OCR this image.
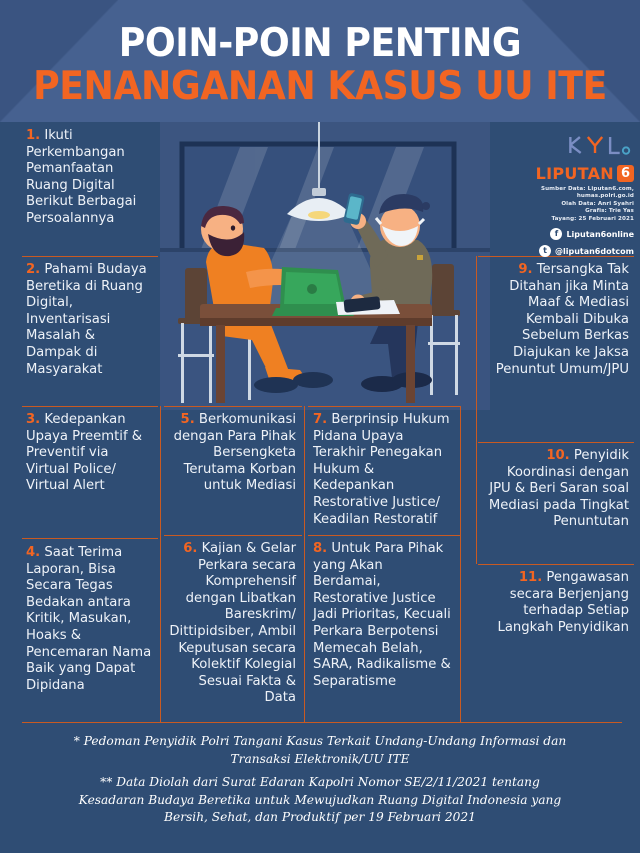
POIN-POIN PENTING
PENANGANAN KASUS UU ITE
LIPUTAN 6
Sumber Data: Liputan6.com,
humas.polri.go.id
Olah Data: Anri Syahri
Grafis: Trie Yas
Tayang: 25 Februari 2021
f	Liputan6online
t	@liputan6dotcom
1. Ikuti Perkembangan Pemanfaatan Ruang Digital Berikut Berbagai Persoalannya
2. Pahami Budaya Beretika di Ruang Digital, Inventarisasi Masalah & Dampak di Masyarakat
3. Kedepankan Upaya Preemtif & Preventif via Virtual Police/ Virtual Alert
4. Saat Terima Laporan, Bisa Secara Tegas Bedakan antara Kritik, Masukan, Hoaks & Pencemaran Nama Baik yang Dapat Dipidana
5. Berkomunikasi dengan Para Pihak Bersengketa Terutama Korban untuk Mediasi
6. Kajian & Gelar Perkara secara Komprehensif dengan Libatkan Bareskrim/ Dittipidsiber, Ambil Keputusan secara Kolektif Kolegial Sesuai Fakta & Data
7. Berprinsip Hukum Pidana Upaya Terakhir Penegakan Hukum & Kedepankan Restorative Justice/ Keadilan Restoratif
8. Untuk Para Pihak yang Akan Berdamai, Restorative Justice Jadi Prioritas, Kecuali Perkara Berpotensi Memecah Belah, SARA, Radikalisme & Separatisme
9. Tersangka Tak Ditahan jika Minta Maaf & Mediasi Kembali Dibuka Sebelum Berkas Diajukan ke Jaksa Penuntut Umum/JPU
10. Penyidik Koordinasi dengan JPU & Beri Saran soal Mediasi pada Tingkat Penuntutan
11. Pengawasan secara Berjenjang terhadap Setiap Langkah Penyidikan

* Pedoman Penyidik Polri Tangani Kasus Terkait Undang-Undang Informasi dan

Transaksi Elektronik/UU ITE

** Data Diolah dari Surat Edaran Kapolri Nomor SE/2/11/2021 tentang

Kesadaran Budaya Beretika untuk Mewujudkan Ruang Digital Indonesia yang

Bersih, Sehat, dan Produktif per 19 Februari 2021
